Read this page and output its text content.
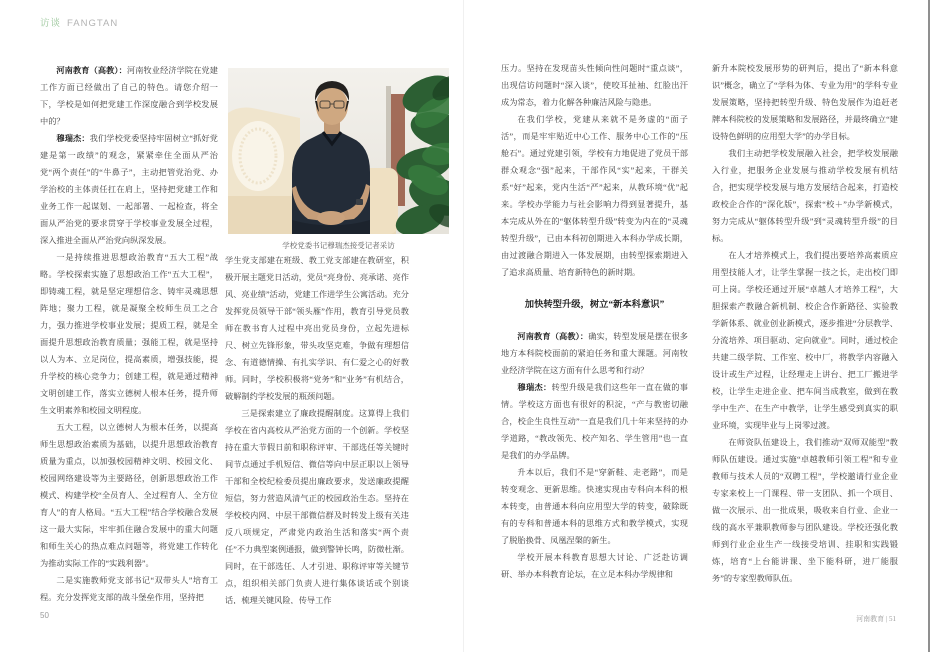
访谈 FANGTAN

河南教育（高教）：河南牧业经济学院在党建工作方面已经做出了自己的特色。请您介绍一下，学校是如何把党建工作深度融合到学校发展中的？

穆瑞杰：我们学校党委坚持牢固树立“抓好党建是第一政绩”的观念，紧紧牵住全面从严治党“两个责任”的“牛鼻子”，主动把管党治党、办学治校的主体责任扛在肩上，坚持把党建工作和业务工作一起谋划、一起部署、一起检查，将全面从严治党的要求贯穿于学校事业发展全过程，深入推进全面从严治党向纵深发展。

一是持续推进思想政治教育“五大工程”战略。学校探索实施了思想政治工作“五大工程”，即铸魂工程，就是坚定理想信念、铸牢灵魂思想阵地；聚力工程，就是凝聚全校师生员工之合力，强力推进学校事业发展；提质工程，就是全面提升思想政治教育质量；强能工程，就是坚持以人为本、立足岗位，提高素质，增强技能，提升学校的核心竞争力；创建工程，就是通过精神文明创建工作，落实立德树人根本任务，提升师生文明素养和校园文明程度。

五大工程，以立德树人为根本任务，以提高师生思想政治素质为基础，以提升思想政治教育质量为重点，以加强校园精神文明、校园文化、校园网络建设等为主要路径，创新思想政治工作模式、构建学校“全员育人、全过程育人、全方位育人”的育人格局。“五大工程”结合学校融合发展这一最大实际，牢牢抓住融合发展中的重大问题和师生关心的热点难点问题等，将党建工作转化为推动实际工作的“实践利器”。

二是实施教师党支部书记“双带头人”培育工程。充分发挥党支部的战斗堡垒作用，坚持把

学校党委书记穆瑞杰接受记者采访

学生党支部建在班级、教工党支部建在教研室，积极开展主题党日活动，党员“亮身份、亮承诺、亮作风、亮业绩”活动，党建工作进学生公寓活动。充分发挥党员领导干部“领头雁”作用，教育引导党员教师在教书育人过程中亮出党员身份，立起先进标尺、树立先锋形象，带头攻坚克难，争做有理想信念、有道德情操、有扎实学识、有仁爱之心的好教师。同时，学校积极将“党务”和“业务”有机结合，破解制约学校发展的瓶颈问题。

三是探索建立了廉政提醒制度。这算得上我们学校在省内高校从严治党方面的一个创新。学校坚持在重大节假日前和职称评审、干部选任等关键时间节点通过手机短信、微信等向中层正职以上领导干部和全校纪检委员提出廉政要求，发送廉政提醒短信，努力营造风清气正的校园政治生态。坚持在学校校内网、中层干部微信群及时转发上级有关违反八项规定，严肃党内政治生活和落实“两个责任”不力典型案例通报，做到警钟长鸣，防微杜渐。同时，在干部选任、人才引进、职称评审等关键节点，组织相关部门负责人进行集体谈话或个别谈话，梳理关键风险，传导工作

50

压力。坚持在发现苗头性倾向性问题时“重点谈”，出现信访问题时“深入谈”，使咬耳扯袖、红脸出汗成为常态，着力化解各种廉洁风险与隐患。

在我们学校，党建从来就不是务虚的“面子活”，而是牢牢贴近中心工作、服务中心工作的“压舱石”。通过党建引领，学校有力地促进了党员干部群众观念“强”起来，干部作风“实”起来，干群关系“好”起来，党内生活“严”起来，从教环境“优”起来。学校办学能力与社会影响力得到显著提升，基本完成从外在的“躯体转型升级”转变为内在的“灵魂转型升级”，已由本科初创期进入本科办学成长期，由过渡融合期进入一体发展期，由转型探索期进入了追求高质量、培育新特色的新时期。

加快转型升级，树立“新本科意识”

河南教育（高教）：确实，转型发展是摆在很多地方本科院校面前的紧迫任务和重大课题。河南牧业经济学院在这方面有什么思考和行动？

穆瑞杰：转型升级是我们这些年一直在做的事情。学校这方面也有很好的积淀，“产与教密切融合，校企生良性互动”一直是我们几十年来坚持的办学道路，“教改领先、校产知名、学生管用”也一直是我们的办学品牌。

升本以后，我们不是“穿新鞋、走老路”，而是转变观念、更新思维。快速实现由专科向本科的根本转变，由普通本科向应用型大学的转变，破除既有的专科和普通本科的思维方式和教学模式，实现了脱胎换骨、凤凰涅槃的新生。

学校开展本科教育思想大讨论、广泛赴访调研、举办本科教育论坛，在立足本科办学规律和

新升本院校发展形势的研判后，提出了“新本科意识”概念，确立了“学科为体、专业为用”的学科专业发展策略，坚持把转型升级、特色发展作为追赶老牌本科院校的发展策略和发展路径，并最终确立“建设特色鲜明的应用型大学”的办学目标。

我们主动把学校发展融入社会，把学校发展融入行业，把服务企业发展与推动学校发展有机结合，把实现学校发展与地方发展结合起来，打造校政校企合作的“深化版”，探索“校＋”办学新模式，努力完成从“躯体转型升级”到“灵魂转型升级”的目标。

在人才培养模式上，我们提出要培养高素质应用型技能人才，让学生掌握一技之长，走出校门即可上岗。学校还通过开展“卓越人才培养工程”，大胆探索产教融合新机制、校企合作新路径、实验教学新体系、就业创业新模式，逐步推进“分层教学、分流培养、项目驱动、定向就业”。同时，通过校企共建二级学院、工作室、校中厂，将教学内容融入设计或生产过程，让经理走上讲台、把工厂搬进学校，让学生走进企业、把车间当成教室，做到在教学中生产、在生产中教学，让学生感受到真实的职业环境，实现毕业与上岗零过渡。

在师资队伍建设上，我们推动“双师双能型”教师队伍建设。通过实施“卓越教师引领工程”和专业教师与技术人员的“双聘工程”，学校邀请行业企业专家来校上一门课程、带一支团队、抓一个项目、做一次展示、出一批成果，吸收来自行业、企业一线的高水平兼职教师参与团队建设。学校还强化教师到行业企业生产一线接受培训、挂职和实践锻炼，培育“上台能讲课、坐下能科研，进厂能服务”的专家型教师队伍。

河南教育 | 51
